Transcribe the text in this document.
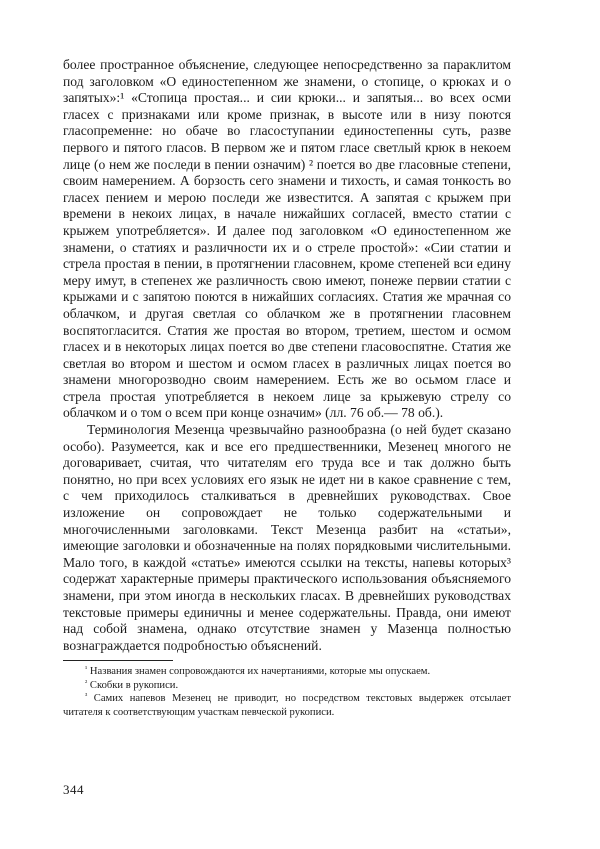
более пространное объяснение, следующее непосредственно за параклитом под заголовком «О единостепенном же знамени, о стопице, о крюках и о запятых»:¹ «Стопица простая... и сии крюки... и запятыя... во всех осми гласех с признаками или кроме признак, в высоте или в низу поются гласопременне: но обаче во гласоступании единостепенны суть, разве первого и пятого гласов. В первом же и пятом гласе светлый крюк в некоем лице (о нем же последи в пении означим) ² поется во две гласовные степени, своим намерением. А борзость сего знамени и тихость, и самая тонкость во гласех пением и мерою последи же известится. А запятая с крыжем при времени в некоих лицах, в начале нижайших согласей, вместо статии с крыжем употребляется». И далее под заголовком «О единостепенном же знамени, о статиях и различности их и о стреле простой»: «Сии статии и стрела простая в пении, в протягнении гласовнем, кроме степеней вси едину меру имут, в степенех же различность свою имеют, понеже первии статии с крыжами и с запятою поются в нижайших согласиях. Статия же мрачная со облачком, и другая светлая со облачком же в протягнении гласовнем воспятогласится. Статия же простая во втором, третием, шестом и осмом гласех и в некоторых лицах поется во две степени гласовоспятне. Статия же светлая во втором и шестом и осмом гласех в различных лицах поется во знамени многорозводно своим намерением. Есть же во осьмом гласе и стрела простая употребляется в некоем лице за крыжевую стрелу со облачком и о том о всем при конце означим» (лл. 76 об.— 78 об.).

Терминология Мезенца чрезвычайно разнообразна (о ней будет сказано особо). Разумеется, как и все его предшественники, Мезенец многого не договаривает, считая, что читателям его труда все и так должно быть понятно, но при всех условиях его язык не идет ни в какое сравнение с тем, с чем приходилось сталкиваться в древнейших руководствах. Свое изложение он сопровождает не только содержательными и многочисленными заголовками. Текст Мезенца разбит на «статьи», имеющие заголовки и обозначенные на полях порядковыми числительными. Мало того, в каждой «статье» имеются ссылки на тексты, напевы которых³ содержат характерные примеры практического использования объясняемого знамени, при этом иногда в нескольких гласах. В древнейших руководствах текстовые примеры единичны и менее содержательны. Правда, они имеют над собой знамена, однако отсутствие знамен у Мазенца полностью вознаграждается подробностью объяснений.

$^{^1}$ Названия знамен сопровождаются их начертаниями, которые мы опускаем.

$^{^2}$ Скобки в рукописи.

$^{^3}$ Самих напевов Мезенец не приводит, но посредством текстовых выдержек отсылает читателя к соответствующим участкам певческой рукописи.

344
